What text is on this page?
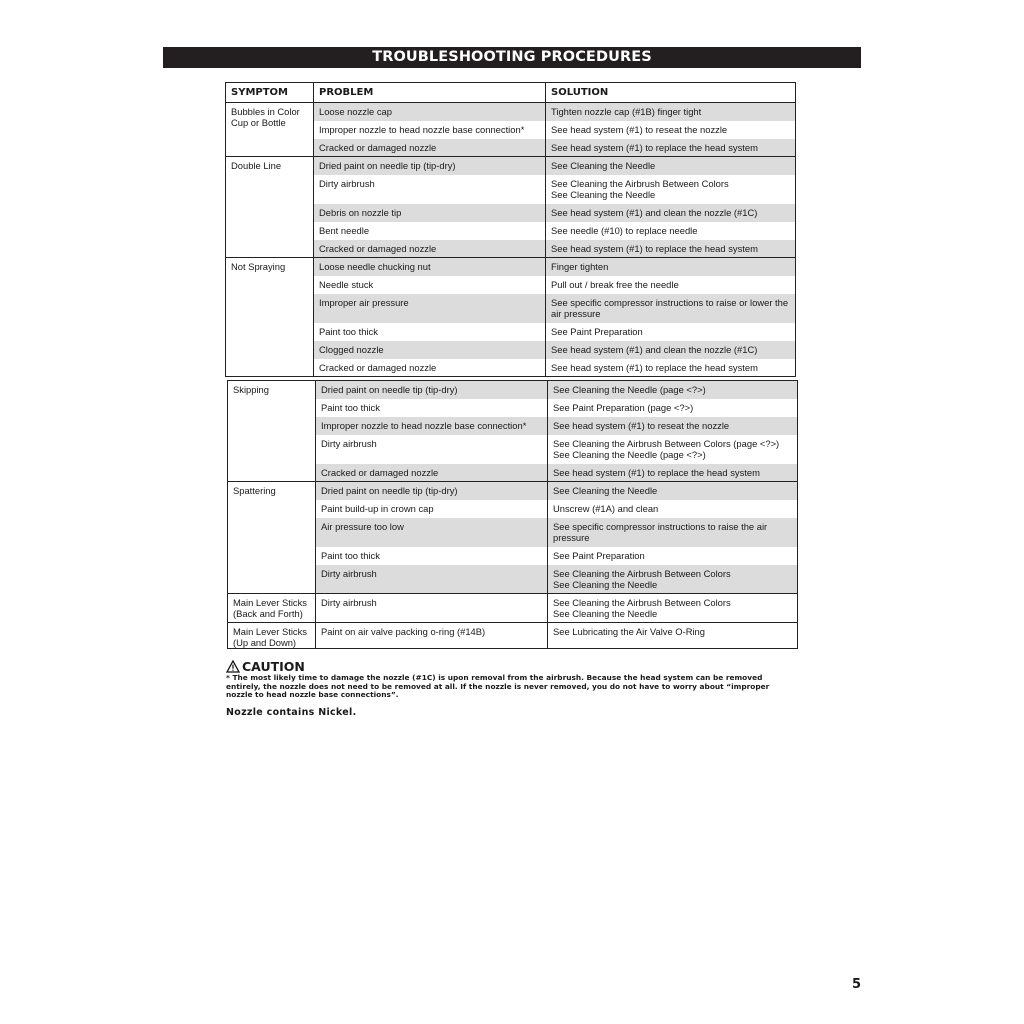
TROUBLESHOOTING PROCEDURES
SYMPTOM	PROBLEM	SOLUTION
Bubbles in Color Cup or Bottle	Loose nozzle cap	Tighten nozzle cap (#1B) finger tight
	Improper nozzle to head nozzle base connection*	See head system (#1) to reseat the nozzle
	Cracked or damaged nozzle	See head system (#1) to replace the head system
Double Line	Dried paint on needle tip (tip-dry)	See Cleaning the Needle
	Dirty airbrush	See Cleaning the Airbrush Between Colors
See Cleaning the Needle
	Debris on nozzle tip	See head system (#1) and clean the nozzle (#1C)
	Bent needle	See needle (#10) to replace needle
	Cracked or damaged nozzle	See head system (#1) to replace the head system
Not Spraying	Loose needle chucking nut	Finger tighten
	Needle stuck	Pull out / break free the needle
	Improper air pressure	See specific compressor instructions to raise or lower the air pressure
	Paint too thick	See Paint Preparation
	Clogged nozzle	See head system (#1) and clean the nozzle (#1C)
	Cracked or damaged nozzle	See head system (#1) to replace the head system
Skipping	Dried paint on needle tip (tip-dry)	See Cleaning the Needle (page <?>)
	Paint too thick	See Paint Preparation (page <?>)
	Improper nozzle to head nozzle base connection*	See head system (#1) to reseat the nozzle
	Dirty airbrush	See Cleaning the Airbrush Between Colors (page <?>)
See Cleaning the Needle (page <?>)
	Cracked or damaged nozzle	See head system (#1) to replace the head system
Spattering	Dried paint on needle tip (tip-dry)	See Cleaning the Needle
	Paint build-up in crown cap	Unscrew (#1A) and clean
	Air pressure too low	See specific compressor instructions to raise the air pressure
	Paint too thick	See Paint Preparation
	Dirty airbrush	See Cleaning the Airbrush Between Colors
See Cleaning the Needle
Main Lever Sticks (Back and Forth)	Dirty airbrush	See Cleaning the Airbrush Between Colors
See Cleaning the Needle
Main Lever Sticks (Up and Down)	Paint on air valve packing o-ring (#14B)	See Lubricating the Air Valve O-Ring
CAUTION
* The most likely time to damage the nozzle (#1C) is upon removal from the airbrush. Because the head system can be removed entirely, the nozzle does not need to be removed at all. If the nozzle is never removed, you do not have to worry about “improper nozzle to head nozzle base connections”.
Nozzle contains Nickel.
5
